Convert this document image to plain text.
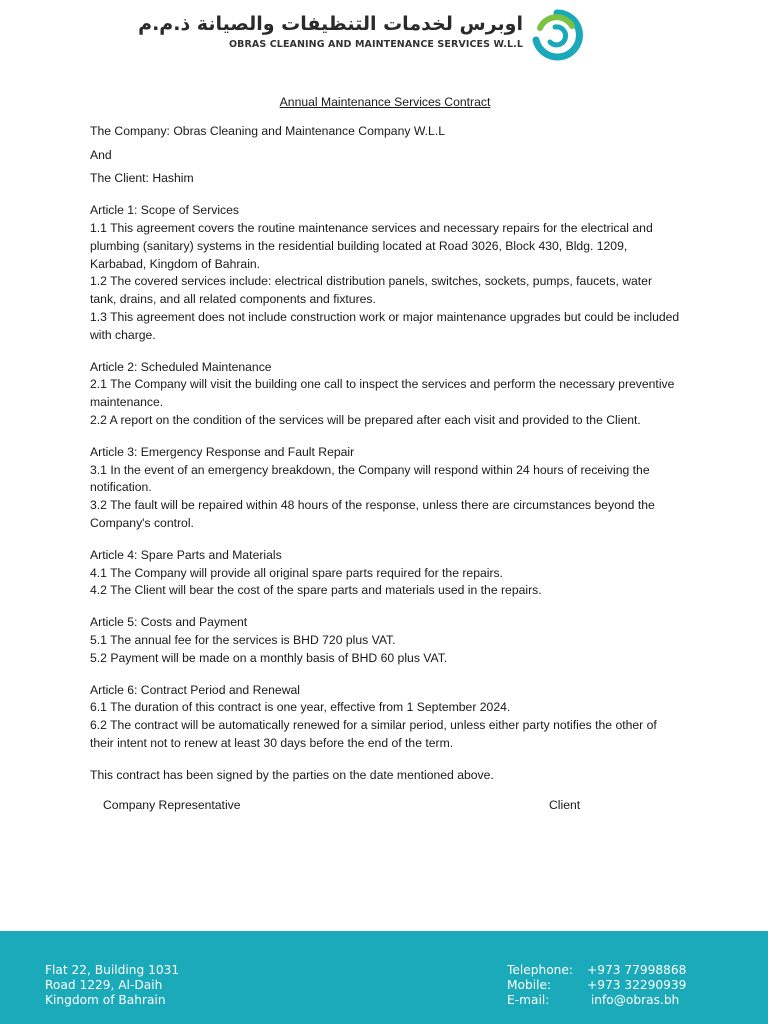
اوبرس لخدمات التنظيفات والصيانة ذ.م.م
OBRAS CLEANING AND MAINTENANCE SERVICES W.L.L
Annual Maintenance Services Contract

The Company: Obras Cleaning and Maintenance Company W.L.L

And

The Client: Hashim

Article 1: Scope of Services

1.1 This agreement covers the routine maintenance services and necessary repairs for the electrical and plumbing (sanitary) systems in the residential building located at Road 3026, Block 430, Bldg. 1209, Karbabad, Kingdom of Bahrain.

1.2 The covered services include: electrical distribution panels, switches, sockets, pumps, faucets, water tank, drains, and all related components and fixtures.

1.3 This agreement does not include construction work or major maintenance upgrades but could be included with charge.

Article 2: Scheduled Maintenance

2.1 The Company will visit the building one call to inspect the services and perform the necessary preventive maintenance.

2.2 A report on the condition of the services will be prepared after each visit and provided to the Client.

Article 3: Emergency Response and Fault Repair

3.1 In the event of an emergency breakdown, the Company will respond within 24 hours of receiving the notification.

3.2 The fault will be repaired within 48 hours of the response, unless there are circumstances beyond the Company's control.

Article 4: Spare Parts and Materials

4.1 The Company will provide all original spare parts required for the repairs.

4.2 The Client will bear the cost of the spare parts and materials used in the repairs.

Article 5: Costs and Payment

5.1 The annual fee for the services is BHD 720 plus VAT.

5.2 Payment will be made on a monthly basis of BHD 60 plus VAT.

Article 6: Contract Period and Renewal

6.1 The duration of this contract is one year, effective from 1 September 2024.

6.2 The contract will be automatically renewed for a similar period, unless either party notifies the other of their intent not to renew at least 30 days before the end of the term.

This contract has been signed by the parties on the date mentioned above.

Company Representative	Client
Flat 22, Building 1031
Road 1229, Al-Daih
Kingdom of Bahrain
Telephone:	+973 77998868
Mobile:	+973 32290939
E-mail:	info@obras.bh
